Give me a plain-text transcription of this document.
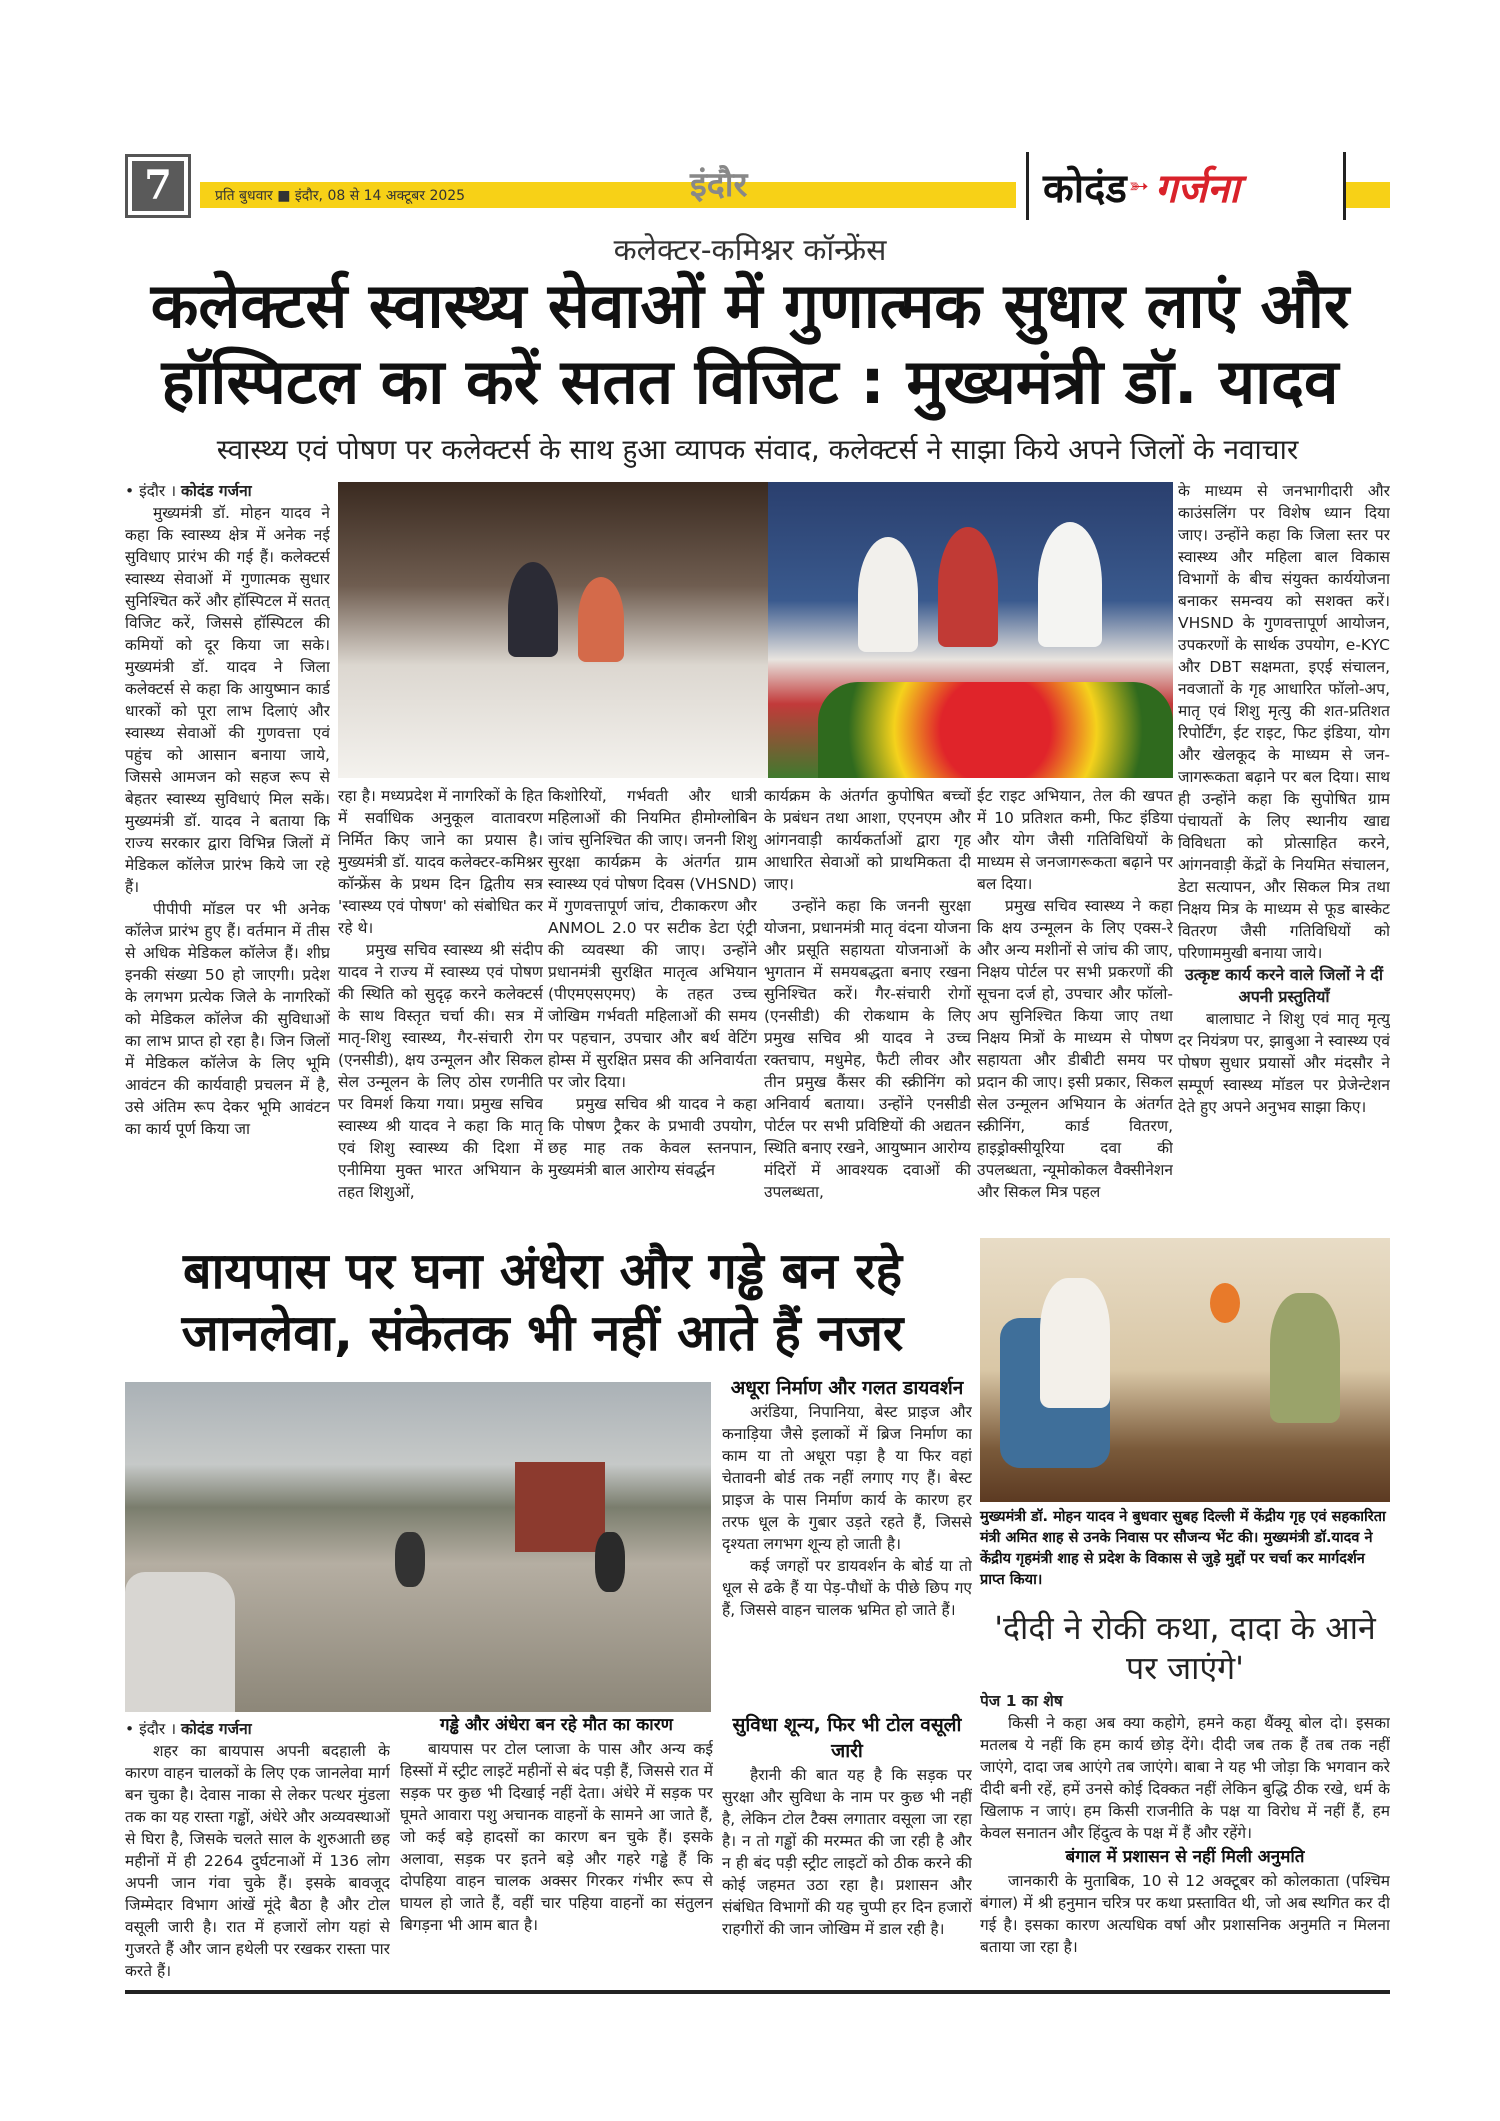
7	प्रति बुधवार ■ इंदौर, 08 से 14 अक्टूबर 2025	इंदौर	कोदंड ➳ गर्जना
कलेक्टर-कमिश्नर कॉन्फ्रेंस
कलेक्टर्स स्वास्थ्य सेवाओं में गुणात्मक सुधार लाएं और
हॉस्पिटल का करें सतत विजिट : मुख्यमंत्री डॉ. यादव
स्वास्थ्य एवं पोषण पर कलेक्टर्स के साथ हुआ व्यापक संवाद, कलेक्टर्स ने साझा किये अपने जिलों के नवाचार

• इंदौर । कोदंड गर्जना

मुख्यमंत्री डॉ. मोहन यादव ने कहा कि स्वास्थ्य क्षेत्र में अनेक नई सुविधाए प्रारंभ की गई हैं। कलेक्टर्स स्वास्थ्य सेवाओं में गुणात्मक सुधार सुनिश्चित करें और हॉस्पिटल में सतत् विजिट करें, जिससे हॉस्पिटल की कमियों को दूर किया जा सके। मुख्यमंत्री डॉ. यादव ने जिला कलेक्टर्स से कहा कि आयुष्मान कार्ड धारकों को पूरा लाभ दिलाएं और स्वास्थ्य सेवाओं की गुणवत्ता एवं पहुंच को आसान बनाया जाये, जिससे आमजन को सहज रूप से बेहतर स्वास्थ्य सुविधाएं मिल सकें। मुख्यमंत्री डॉ. यादव ने बताया कि राज्य सरकार द्वारा विभिन्न जिलों में मेडिकल कॉलेज प्रारंभ किये जा रहे हैं।

पीपीपी मॉडल पर भी अनेक कॉलेज प्रारंभ हुए हैं। वर्तमान में तीस से अधिक मेडिकल कॉलेज हैं। शीघ्र इनकी संख्या 50 हो जाएगी। प्रदेश के लगभग प्रत्येक जिले के नागरिकों को मेडिकल कॉलेज की सुविधाओं का लाभ प्राप्त हो रहा है। जिन जिलों में मेडिकल कॉलेज के लिए भूमि आवंटन की कार्यवाही प्रचलन में है, उसे अंतिम रूप देकर भूमि आवंटन का कार्य पूर्ण किया जा

रहा है। मध्यप्रदेश में नागरिकों के हित में सर्वाधिक अनुकूल वातावरण निर्मित किए जाने का प्रयास है। मुख्यमंत्री डॉ. यादव कलेक्टर-कमिश्नर कॉन्फ्रेंस के प्रथम दिन द्वितीय सत्र 'स्वास्थ्य एवं पोषण' को संबोधित कर रहे थे।

प्रमुख सचिव स्वास्थ्य श्री संदीप यादव ने राज्य में स्वास्थ्य एवं पोषण की स्थिति को सुदृढ़ करने कलेक्टर्स के साथ विस्तृत चर्चा की। सत्र में मातृ-शिशु स्वास्थ्य, गैर-संचारी रोग (एनसीडी), क्षय उन्मूलन और सिकल सेल उन्मूलन के लिए ठोस रणनीति पर विमर्श किया गया। प्रमुख सचिव स्वास्थ्य श्री यादव ने कहा कि मातृ एवं शिशु स्वास्थ्य की दिशा में एनीमिया मुक्त भारत अभियान के तहत शिशुओं,

किशोरियों, गर्भवती और धात्री महिलाओं की नियमित हीमोग्लोबिन जांच सुनिश्चित की जाए। जननी शिशु सुरक्षा कार्यक्रम के अंतर्गत ग्राम स्वास्थ्य एवं पोषण दिवस (VHSND) में गुणवत्तापूर्ण जांच, टीकाकरण और ANMOL 2.0 पर सटीक डेटा एंट्री की व्यवस्था की जाए। उन्होंने प्रधानमंत्री सुरक्षित मातृत्व अभियान (पीएमएसएमए) के तहत उच्च जोखिम गर्भवती महिलाओं की समय पर पहचान, उपचार और बर्थ वेटिंग होम्स में सुरक्षित प्रसव की अनिवार्यता पर जोर दिया।

प्रमुख सचिव श्री यादव ने कहा कि पोषण ट्रैकर के प्रभावी उपयोग, छह माह तक केवल स्तनपान, मुख्यमंत्री बाल आरोग्य संवर्द्धन

कार्यक्रम के अंतर्गत कुपोषित बच्चों के प्रबंधन तथा आशा, एएनएम और आंगनवाड़ी कार्यकर्ताओं द्वारा गृह आधारित सेवाओं को प्राथमिकता दी जाए।

उन्होंने कहा कि जननी सुरक्षा योजना, प्रधानमंत्री मातृ वंदना योजना और प्रसूति सहायता योजनाओं के भुगतान में समयबद्धता बनाए रखना सुनिश्चित करें। गैर-संचारी रोगों (एनसीडी) की रोकथाम के लिए प्रमुख सचिव श्री यादव ने उच्च रक्तचाप, मधुमेह, फैटी लीवर और तीन प्रमुख कैंसर की स्क्रीनिंग को अनिवार्य बताया। उन्होंने एनसीडी पोर्टल पर सभी प्रविष्टियों की अद्यतन स्थिति बनाए रखने, आयुष्मान आरोग्य मंदिरों में आवश्यक दवाओं की उपलब्धता,

ईट राइट अभियान, तेल की खपत में 10 प्रतिशत कमी, फिट इंडिया और योग जैसी गतिविधियों के माध्यम से जनजागरूकता बढ़ाने पर बल दिया।

प्रमुख सचिव स्वास्थ्य ने कहा कि क्षय उन्मूलन के लिए एक्स-रे और अन्य मशीनों से जांच की जाए, निक्षय पोर्टल पर सभी प्रकरणों की सूचना दर्ज हो, उपचार और फॉलो-अप सुनिश्चित किया जाए तथा निक्षय मित्रों के माध्यम से पोषण सहायता और डीबीटी समय पर प्रदान की जाए। इसी प्रकार, सिकल सेल उन्मूलन अभियान के अंतर्गत स्क्रीनिंग, कार्ड वितरण, हाइड्रोक्सीयूरिया दवा की उपलब्धता, न्यूमोकोकल वैक्सीनेशन और सिकल मित्र पहल

के माध्यम से जनभागीदारी और काउंसलिंग पर विशेष ध्यान दिया जाए। उन्होंने कहा कि जिला स्तर पर स्वास्थ्य और महिला बाल विकास विभागों के बीच संयुक्त कार्ययोजना बनाकर समन्वय को सशक्त करें। VHSND के गुणवत्तापूर्ण आयोजन, उपकरणों के सार्थक उपयोग, e-KYC और DBT सक्षमता, इएई संचालन, नवजातों के गृह आधारित फॉलो-अप, मातृ एवं शिशु मृत्यु की शत-प्रतिशत रिपोर्टिंग, ईट राइट, फिट इंडिया, योग और खेलकूद के माध्यम से जन-जागरूकता बढ़ाने पर बल दिया। साथ ही उन्होंने कहा कि सुपोषित ग्राम पंचायतों के लिए स्थानीय खाद्य विविधता को प्रोत्साहित करने, आंगनवाड़ी केंद्रों के नियमित संचालन, डेटा सत्यापन, और सिकल मित्र तथा निक्षय मित्र के माध्यम से फूड बास्केट वितरण जैसी गतिविधियों को परिणाममुखी बनाया जाये।

उत्कृष्ट कार्य करने वाले जिलों ने दीं अपनी प्रस्तुतियाँ

बालाघाट ने शिशु एवं मातृ मृत्यु दर नियंत्रण पर, झाबुआ ने स्वास्थ्य एवं पोषण सुधार प्रयासों और मंदसौर ने सम्पूर्ण स्वास्थ्य मॉडल पर प्रेजेन्टेशन देते हुए अपने अनुभव साझा किए।

बायपास पर घना अंधेरा और गड्ढे बन रहे जानलेवा, संकेतक भी नहीं आते हैं नजर

अधूरा निर्माण और गलत डायवर्शन

अरंडिया, निपानिया, बेस्ट प्राइज और कनाड़िया जैसे इलाकों में ब्रिज निर्माण का काम या तो अधूरा पड़ा है या फिर वहां चेतावनी बोर्ड तक नहीं लगाए गए हैं। बेस्ट प्राइज के पास निर्माण कार्य के कारण हर तरफ धूल के गुबार उड़ते रहते हैं, जिससे दृश्यता लगभग शून्य हो जाती है।

कई जगहों पर डायवर्शन के बोर्ड या तो धूल से ढके हैं या पेड़-पौधों के पीछे छिप गए हैं, जिससे वाहन चालक भ्रमित हो जाते हैं।

सुविधा शून्य, फिर भी टोल वसूली जारी

हैरानी की बात यह है कि सड़क पर सुरक्षा और सुविधा के नाम पर कुछ भी नहीं है, लेकिन टोल टैक्स लगातार वसूला जा रहा है। न तो गड्ढों की मरम्मत की जा रही है और न ही बंद पड़ी स्ट्रीट लाइटों को ठीक करने की कोई जहमत उठा रहा है। प्रशासन और संबंधित विभागों की यह चुप्पी हर दिन हजारों राहगीरों की जान जोखिम में डाल रही है।

• इंदौर । कोदंड गर्जना

शहर का बायपास अपनी बदहाली के कारण वाहन चालकों के लिए एक जानलेवा मार्ग बन चुका है। देवास नाका से लेकर पत्थर मुंडला तक का यह रास्ता गड्ढों, अंधेरे और अव्यवस्थाओं से घिरा है, जिसके चलते साल के शुरुआती छह महीनों में ही 2264 दुर्घटनाओं में 136 लोग अपनी जान गंवा चुके हैं। इसके बावजूद जिम्मेदार विभाग आंखें मूंदे बैठा है और टोल वसूली जारी है। रात में हजारों लोग यहां से गुजरते हैं और जान हथेली पर रखकर रास्ता पार करते हैं।

गड्ढे और अंधेरा बन रहे मौत का कारण

बायपास पर टोल प्लाजा के पास और अन्य कई हिस्सों में स्ट्रीट लाइटें महीनों से बंद पड़ी हैं, जिससे रात में सड़क पर कुछ भी दिखाई नहीं देता। अंधेरे में सड़क पर घूमते आवारा पशु अचानक वाहनों के सामने आ जाते हैं, जो कई बड़े हादसों का कारण बन चुके हैं। इसके अलावा, सड़क पर इतने बड़े और गहरे गड्ढे हैं कि दोपहिया वाहन चालक अक्सर गिरकर गंभीर रूप से घायल हो जाते हैं, वहीं चार पहिया वाहनों का संतुलन बिगड़ना भी आम बात है।

मुख्यमंत्री डॉ. मोहन यादव ने बुधवार सुबह दिल्ली में केंद्रीय गृह एवं सहकारिता मंत्री अमित शाह से उनके निवास पर सौजन्य भेंट की। मुख्यमंत्री डॉ.यादव ने केंद्रीय गृहमंत्री शाह से प्रदेश के विकास से जुड़े मुद्दों पर चर्चा कर मार्गदर्शन प्राप्त किया।
'दीदी ने रोकी कथा, दादा के आने पर जाएंगे'

पेज 1 का शेष

किसी ने कहा अब क्या कहोगे, हमने कहा थैंक्यू बोल दो। इसका मतलब ये नहीं कि हम कार्य छोड़ देंगे। दीदी जब तक हैं तब तक नहीं जाएंगे, दादा जब आएंगे तब जाएंगे। बाबा ने यह भी जोड़ा कि भगवान करे दीदी बनी रहें, हमें उनसे कोई दिक्कत नहीं लेकिन बुद्धि ठीक रखे, धर्म के खिलाफ न जाएं। हम किसी राजनीति के पक्ष या विरोध में नहीं हैं, हम केवल सनातन और हिंदुत्व के पक्ष में हैं और रहेंगे।

बंगाल में प्रशासन से नहीं मिली अनुमति

जानकारी के मुताबिक, 10 से 12 अक्टूबर को कोलकाता (पश्चिम बंगाल) में श्री हनुमान चरित्र पर कथा प्रस्तावित थी, जो अब स्थगित कर दी गई है। इसका कारण अत्यधिक वर्षा और प्रशासनिक अनुमति न मिलना बताया जा रहा है।
